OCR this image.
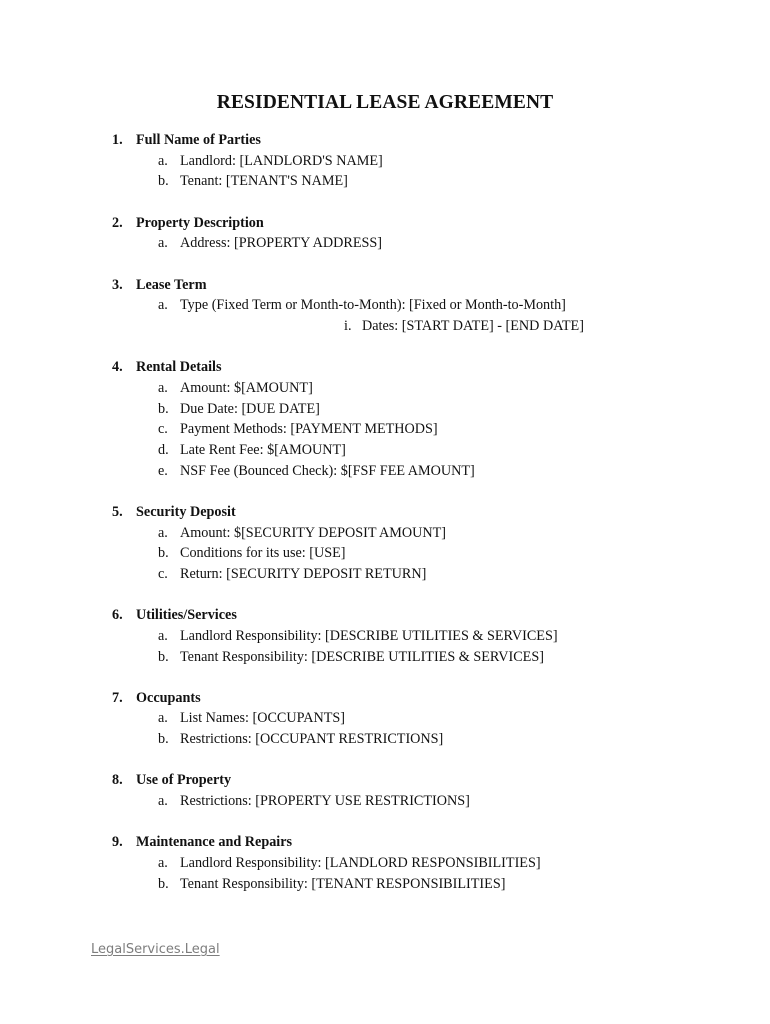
RESIDENTIAL LEASE AGREEMENT
1. Full Name of Parties
a. Landlord: [LANDLORD'S NAME]
b. Tenant: [TENANT'S NAME]
2. Property Description
a. Address: [PROPERTY ADDRESS]
3. Lease Term
a. Type (Fixed Term or Month-to-Month): [Fixed or Month-to-Month]
i. Dates: [START DATE] - [END DATE]
4. Rental Details
a. Amount: $[AMOUNT]
b. Due Date: [DUE DATE]
c. Payment Methods: [PAYMENT METHODS]
d. Late Rent Fee: $[AMOUNT]
e. NSF Fee (Bounced Check): $[FSF FEE AMOUNT]
5. Security Deposit
a. Amount: $[SECURITY DEPOSIT AMOUNT]
b. Conditions for its use: [USE]
c. Return: [SECURITY DEPOSIT RETURN]
6. Utilities/Services
a. Landlord Responsibility: [DESCRIBE UTILITIES & SERVICES]
b. Tenant Responsibility: [DESCRIBE UTILITIES & SERVICES]
7. Occupants
a. List Names: [OCCUPANTS]
b. Restrictions: [OCCUPANT RESTRICTIONS]
8. Use of Property
a. Restrictions: [PROPERTY USE RESTRICTIONS]
9. Maintenance and Repairs
a. Landlord Responsibility: [LANDLORD RESPONSIBILITIES]
b. Tenant Responsibility: [TENANT RESPONSIBILITIES]
LegalServices.Legal
